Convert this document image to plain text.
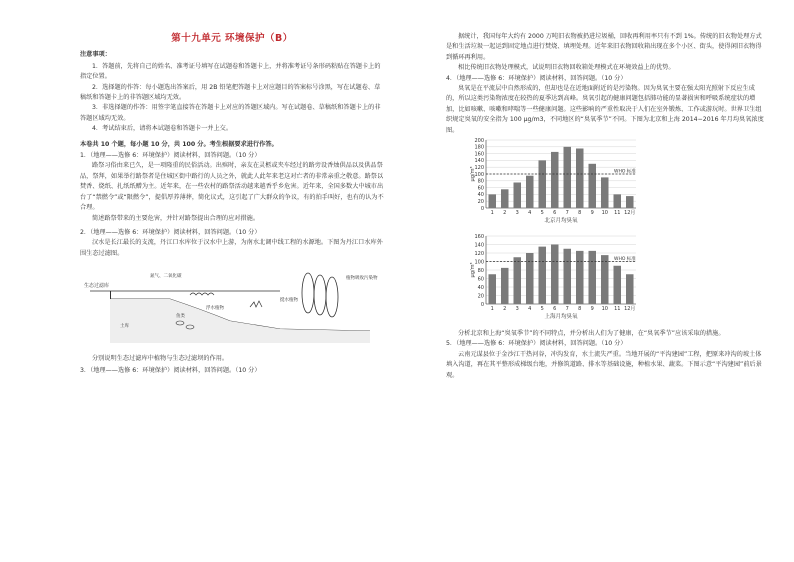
第十九单元 环境保护（B）
注意事项：

1．答题前，先将自己的姓名、准考证号填写在试题卷和答题卡上，并将准考证号条形码粘贴在答题卡上的指定位置。

2．选择题的作答：每小题选出答案后，用 2B 铅笔把答题卡上对应题目的答案标号涂黑，写在试题卷、草稿纸和答题卡上的非答题区域均无效。

3．非选择题的作答：用签字笔直接答在答题卡上对应的答题区域内。写在试题卷、草稿纸和答题卡上的非答题区域均无效。

4．考试结束后，请将本试题卷和答题卡一并上交。

本卷共 10 个题，每小题 10 分，共 100 分。考生根据要求进行作答。

1．（地理——选修 6：环境保护）阅读材料，回答问题。（10 分）

路祭习俗由来已久，是一项隆重的民俗活动。出殡时，亲友在灵柩或夹车经过的路旁设香烛供品以及供品祭品，祭拜，如果举行路祭者是住城区街中路行的人员之外，就此人此年来老这对亡者的非常亲重之敬意。路祭以焚香、烧纸、扎纸纸赠为主。近年来，在一些农村的路祭活动越来越香乎乡危害。近年来，全国多数大中城市出台了“禁燃令”或“限燃令”，提倡厚养薄葬，简化议式，这引起了广大群众的争议，有的拍手叫好，也有的认为不合理。

简述路祭带来的主要危害，并针对路祭提出合理的应对措施。

2．（地理——选修 6：环境保护）阅读材料，回答问题。（10 分）

汉水是长江最长的支流，丹江口水库位于汉水中上游，为南水北调中线工程的水源地。下图为丹江口水库外围生态过滤图。

生态过滤库
氮气、二氧化碳
浮水植物
鱼类
土库
挺水植物
植物吸收污染物

分别说明生态过滤库中植物与生态过滤坝的作用。

3．（地理——选修 6：环境保护）阅读材料，回答问题。（10 分）

据统计，我国每年大约有 2000 万吨旧衣物被扔进垃圾桶，回收再利用率只有不到 1%。传统的旧衣物处理方式是和生活垃圾一起运到固定地点进行焚烧、填埋处理。近年来旧衣物回收箱出现在多个小区、街头，使得闲旧衣物得到循环再利用。

相比传统旧衣物处理模式，试说明旧衣物回收箱处理模式在环境效益上的优势。

4．（地理——选修 6：环境保护）阅读材料，回答问题。（10 分）

臭氧是在平流层中自然形成的，但却也是在近地面附近的是污染物。因为臭氧主要在强太阳光照射下反应生成的，所以这类污染物浓度在较热的夏季达到高峰。臭氧引起的健康问题包括肺功能的显著损害和呼吸系统症状的增加，比如咳嗽、咳嗽和哮喘等一些健康问题。这些影响的严重性取决于人们在室外锻炼、工作或游玩时。世界卫生组织规定臭氧的安全指为 100 μg/m3，不同地区的“臭氧季节”不同。下图为北京和上海 2014−2016 年月均臭氧浓度图。

0
20
40
60
80
100
120
140
160
180
200
μg/m³
1 2 3 4 5 6 7 8 9 10 11 12月
WHO 标准
北京月均臭氧

0
20
40
60
80
100
120
140
160
μg/m³
1 2 3 4 5 6 7 8 9 10 11 12月
WHO 标准
上海月均臭氧

分析北京和上海“臭氧季节”的不同特点，并分析出人们为了健康，在“臭氧季节”应该采取的措施。

5．（地理——选修 6：环境保护）阅读材料，回答问题。（10 分）

云南元谋县位于金沙江干热河谷，冲沟发育，水土流失严重。当地开展的“平沟建园”工程，把原来冲沟的坡土体填入沟道，再在其平整形成梯级台地，并修筑道路、排水等基础设施，种植水果、蔬菜。下图示意“平沟建园”前后景观。
